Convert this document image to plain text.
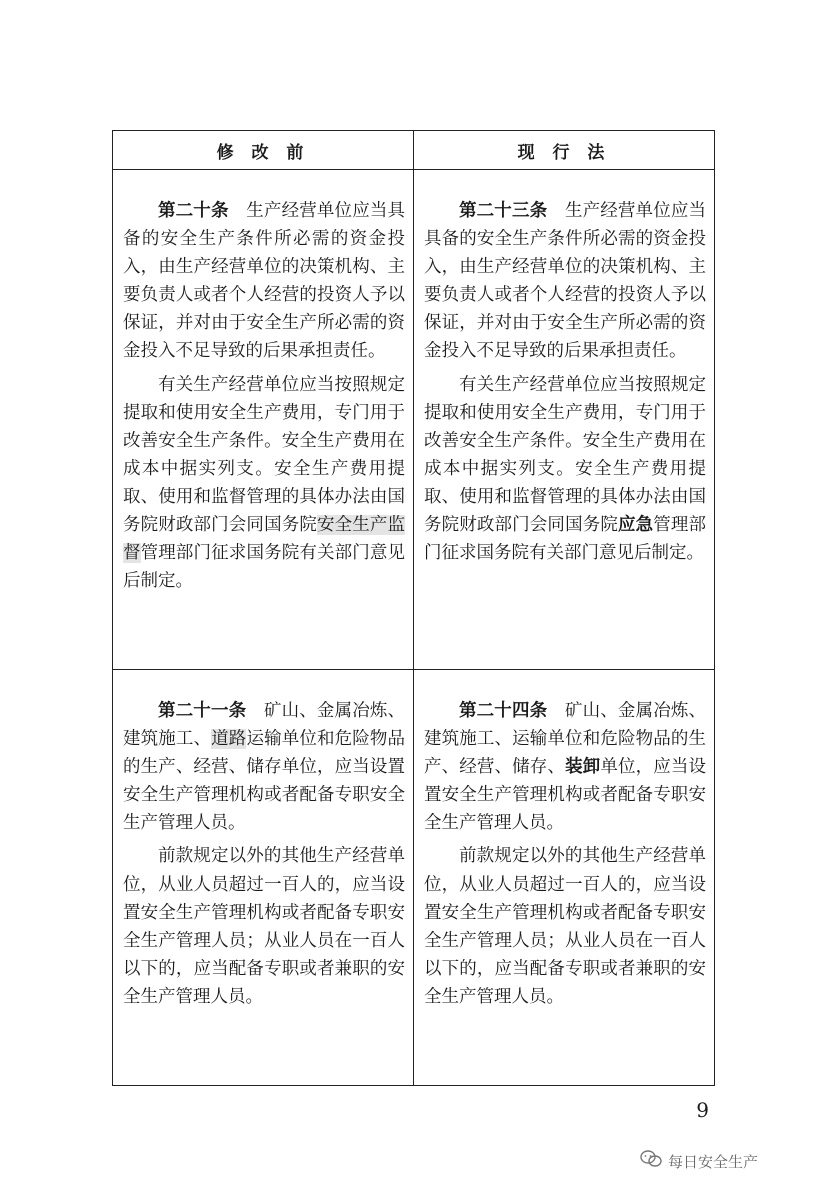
修 改 前	现 行 法

第二十条　 生产经营单位应当具备的安全生产条件所必需的资金投入，由生产经营单位的决策机构、主要负责人或者个人经营的投资人予以保证，并对由于安全生产所必需的资金投入不足导致的后果承担责任。

有关生产经营单位应当按照规定提取和使用安全生产费用，专门用于改善安全生产条件。安全生产费用在成本中据实列支。安全生产费用提取、使用和监督管理的具体办法由国务院财政部门会同国务院安全生产监督管理部门征求国务院有关部门意见后制定。

第二十三条　 生产经营单位应当具备的安全生产条件所必需的资金投入，由生产经营单位的决策机构、主要负责人或者个人经营的投资人予以保证，并对由于安全生产所必需的资金投入不足导致的后果承担责任。

有关生产经营单位应当按照规定提取和使用安全生产费用，专门用于改善安全生产条件。安全生产费用在成本中据实列支。安全生产费用提取、使用和监督管理的具体办法由国务院财政部门会同国务院应急管理部门征求国务院有关部门意见后制定。

第二十一条　 矿山、金属冶炼、建筑施工、道路运输单位和危险物品的生产、经营、储存单位，应当设置安全生产管理机构或者配备专职安全生产管理人员。

前款规定以外的其他生产经营单位，从业人员超过一百人的，应当设置安全生产管理机构或者配备专职安全生产管理人员；从业人员在一百人以下的，应当配备专职或者兼职的安全生产管理人员。

第二十四条　 矿山、金属冶炼、建筑施工、运输单位和危险物品的生产、经营、储存、装卸单位，应当设置安全生产管理机构或者配备专职安全生产管理人员。

前款规定以外的其他生产经营单位，从业人员超过一百人的，应当设置安全生产管理机构或者配备专职安全生产管理人员；从业人员在一百人以下的，应当配备专职或者兼职的安全生产管理人员。

9
每日安全生产
